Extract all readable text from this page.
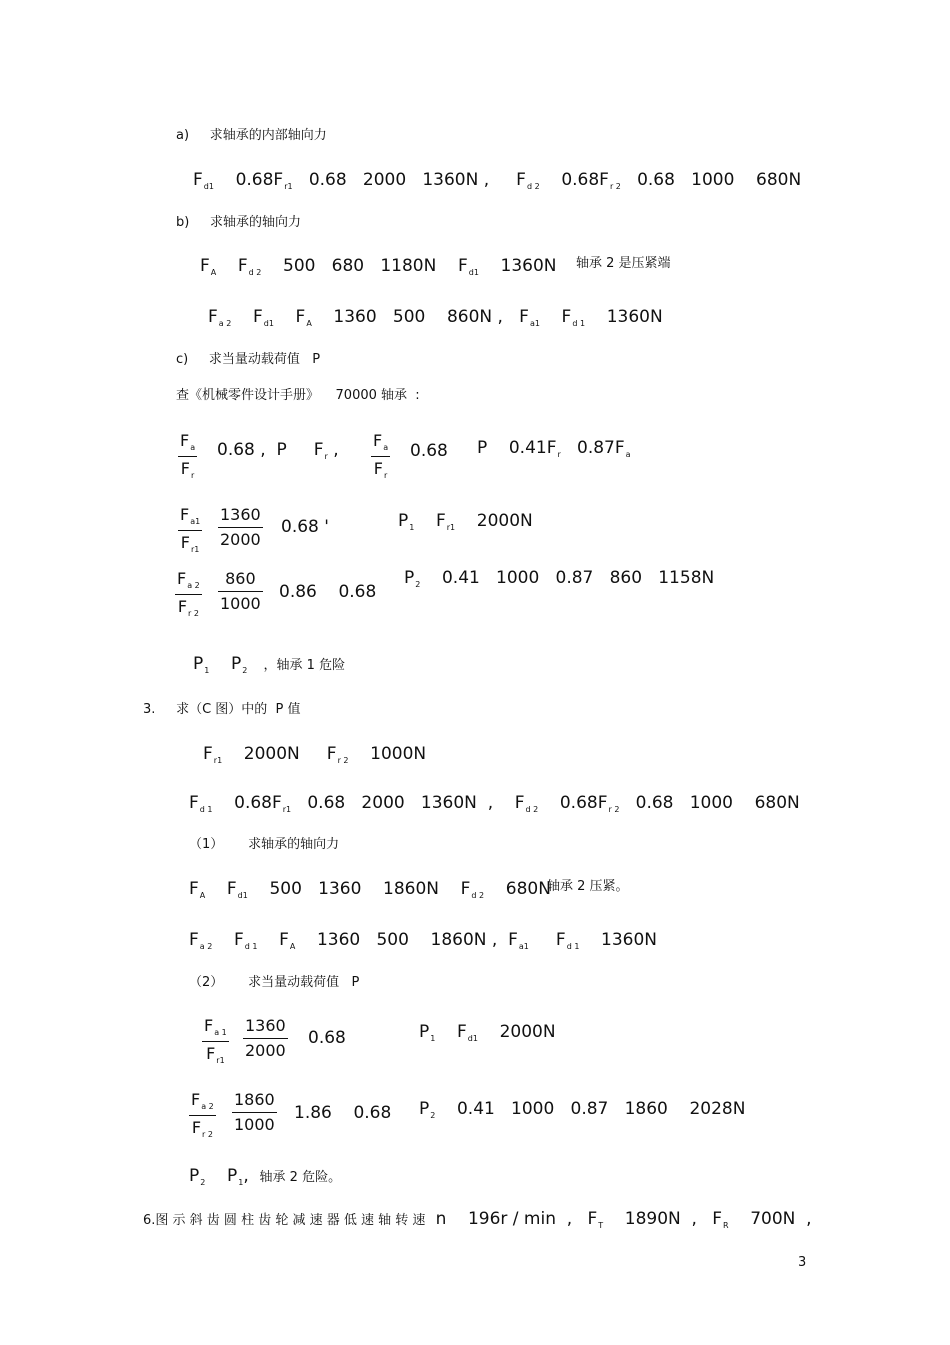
a)     求轴承的内部轴向力
$F_{d1}$ $0.68F_{r1}$   0.68   2000   1360N ,     $F_{d 2}$ $0.68F_{r 2}$   0.68   1000    680N
b)     求轴承的轴向力
$F_A$    $F_{d 2}$ 500   680   1180N    $F_{d1}$ 1360N 轴承 2 是压紧端
$F_{a 2}$    $F_{d1}$    $F_A$ 1360   500    860N ,   $F_{a1}$    $F_{d 1}$ 1360N
c)     求当量动载荷值   P
查《机械零件设计手册》    70000 轴承  :
$\frac{F_a}{F_r} 0.68$ ,  P     $F_r$ , $\frac{F_a}{F_r} 0.68$ P    $0.41F_r$   $0.87F_a$
$\frac{F_{a1}}{F_{r1}} \frac{1360}{2000} 0.68$ '	$P_1$    $F_{r1}$ 2000N
$\frac{F_{a 2}}{F_{r 2}} \frac{860}{1000} 0.86$    0.68
$P_2$ 0.41   1000   0.87   860   1158N
$P_1$    $P_2$ ，轴承 1 危险
3.     求（C 图）中的  P 值
$F_{r1}$ 2000N     $F_{r 2}$ 1000N
$F_{d 1}$ $0.68F_{r1}$   0.68   2000   1360N  ,    $F_{d 2}$ $0.68F_{r 2}$   0.68   1000    680N
（1）      求轴承的轴向力
$F_A$    $F_{d1}$ 500   1360    1860N    $F_{d 2}$ 680N
轴承 2 压紧。
$F_{a 2}$    $F_{d 1}$    $F_A$ 1360   500    1860N ,  $F_{a1}$     $F_{d 1}$ 1360N
（2）      求当量动载荷值   P
$\frac{F_{a 1}}{F_{r1}} \frac{1360}{2000} 0.68$	$P_1$    $F_{d1}$ 2000N
$\frac{F_{a 2}}{F_{r 2}} \frac{1860}{1000} 1.86$    0.68 $P_2$ 0.41   1000   0.87   1860    2028N
$P_2$    $P_1$,  轴承 2 危险。
6.图 示 斜 齿 圆 柱 齿 轮 减 速 器 低 速 轴 转 速 n    196r / min  , $F_T$ 1890N  , $F_R$ 700N  ,
3
